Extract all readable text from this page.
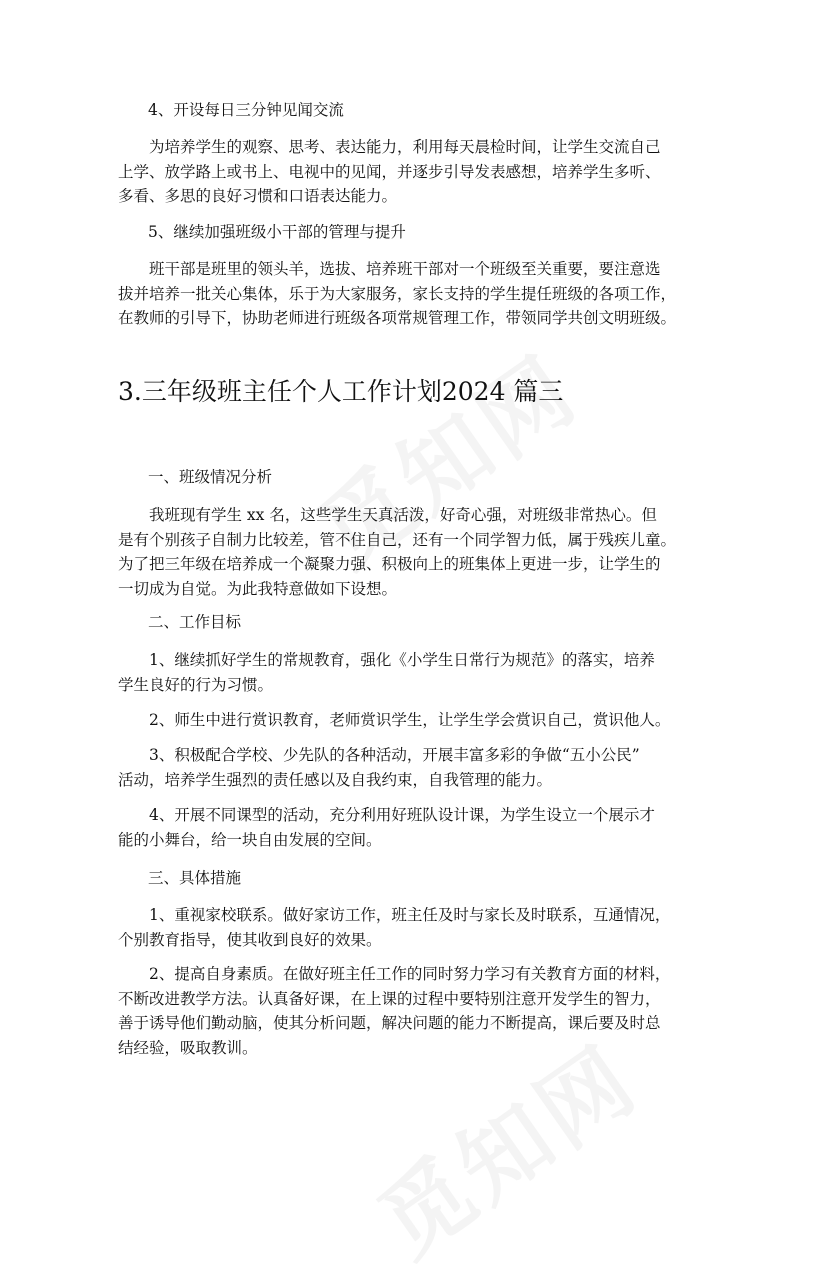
4、开设每日三分钟见闻交流

为培养学生的观察、思考、表达能力，利用每天晨检时间，让学生交流自己
上学、放学路上或书上、电视中的见闻，并逐步引导发表感想，培养学生多听、
多看、多思的良好习惯和口语表达能力。

5、继续加强班级小干部的管理与提升

班干部是班里的领头羊，选拔、培养班干部对一个班级至关重要，要注意选
拔并培养一批关心集体，乐于为大家服务，家长支持的学生提任班级的各项工作，
在教师的引导下，协助老师进行班级各项常规管理工作，带领同学共创文明班级。

3.三年级班主任个人工作计划2024 篇三

一、班级情况分析

我班现有学生 xx 名，这些学生天真活泼，好奇心强，对班级非常热心。但
是有个别孩子自制力比较差，管不住自己，还有一个同学智力低，属于残疾儿童。
为了把三年级在培养成一个凝聚力强、积极向上的班集体上更进一步，让学生的
一切成为自觉。为此我特意做如下设想。

二、工作目标

1、继续抓好学生的常规教育，强化《小学生日常行为规范》的落实，培养
学生良好的行为习惯。

2、师生中进行赏识教育，老师赏识学生，让学生学会赏识自己，赏识他人。

3、积极配合学校、少先队的各种活动，开展丰富多彩的争做“五小公民”
活动，培养学生强烈的责任感以及自我约束，自我管理的能力。

4、开展不同课型的活动，充分利用好班队设计课，为学生设立一个展示才
能的小舞台，给一块自由发展的空间。

三、具体措施

1、重视家校联系。做好家访工作，班主任及时与家长及时联系，互通情况，
个别教育指导，使其收到良好的效果。

2、提高自身素质。在做好班主任工作的同时努力学习有关教育方面的材料，
不断改进教学方法。认真备好课，在上课的过程中要特别注意开发学生的智力，
善于诱导他们勤动脑，使其分析问题，解决问题的能力不断提高，课后要及时总
结经验，吸取教训。
